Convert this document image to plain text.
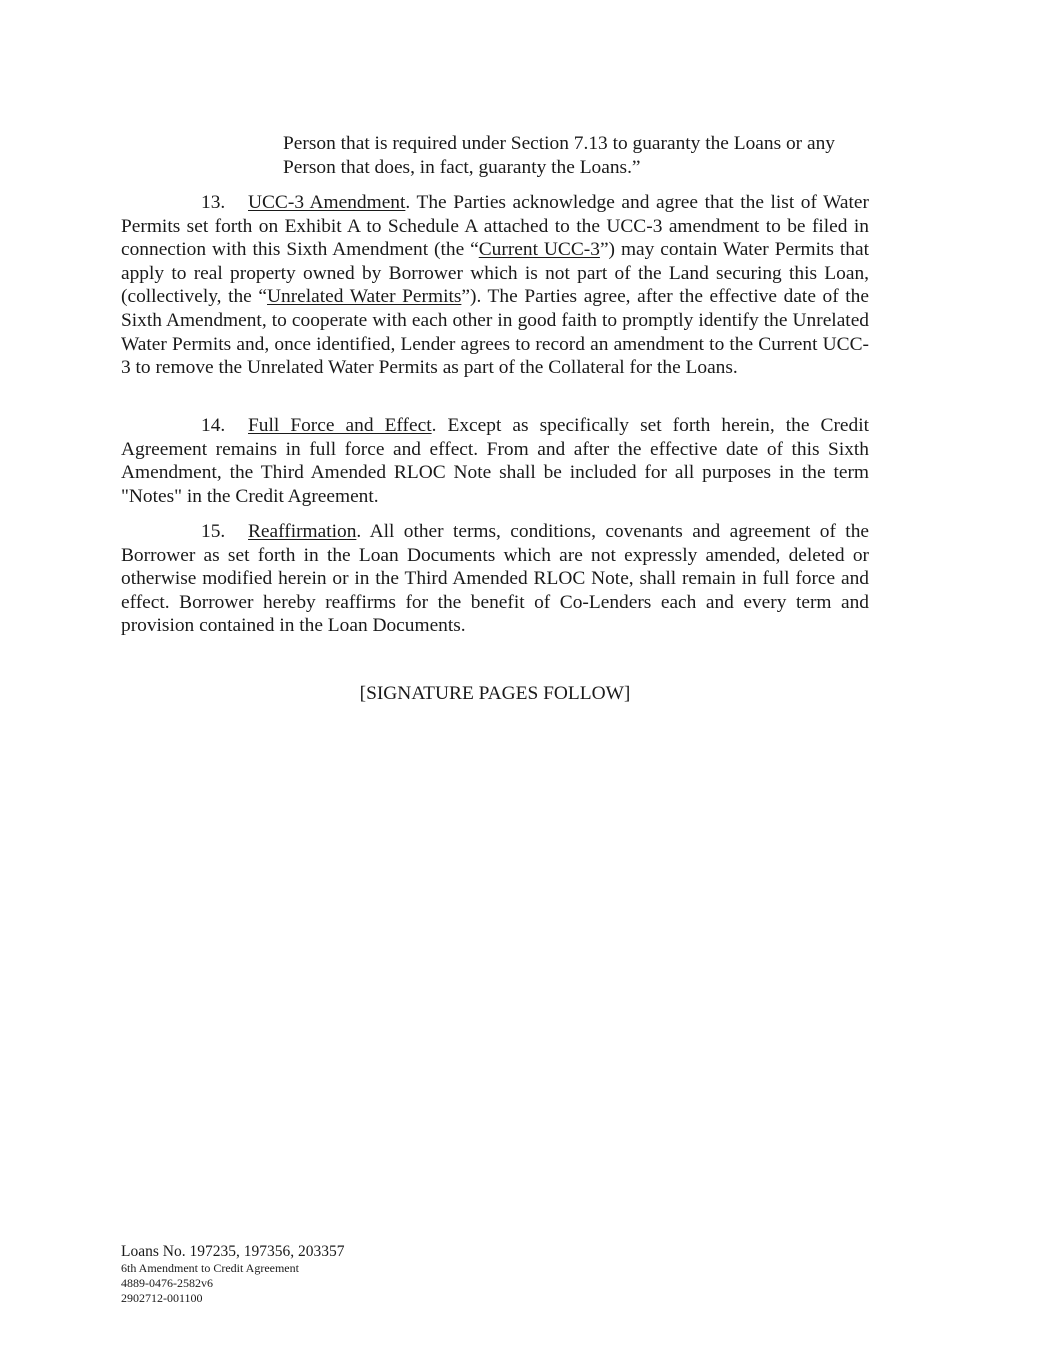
Person that is required under Section 7.13 to guaranty the Loans or any
Person that does, in fact, guaranty the Loans.”

13. UCC-3 Amendment. The Parties acknowledge and agree that the list of Water Permits set forth on Exhibit A to Schedule A attached to the UCC-3 amendment to be filed in connection with this Sixth Amendment (the “Current UCC-3”) may contain Water Permits that apply to real property owned by Borrower which is not part of the Land securing this Loan, (collectively, the “Unrelated Water Permits”). The Parties agree, after the effective date of the Sixth Amendment, to cooperate with each other in good faith to promptly identify the Unrelated Water Permits and, once identified, Lender agrees to record an amendment to the Current UCC-3 to remove the Unrelated Water Permits as part of the Collateral for the Loans.

14. Full Force and Effect. Except as specifically set forth herein, the Credit Agreement remains in full force and effect. From and after the effective date of this Sixth Amendment, the Third Amended RLOC Note shall be included for all purposes in the term "Notes" in the Credit Agreement.

15. Reaffirmation. All other terms, conditions, covenants and agreement of the Borrower as set forth in the Loan Documents which are not expressly amended, deleted or otherwise modified herein or in the Third Amended RLOC Note, shall remain in full force and effect. Borrower hereby reaffirms for the benefit of Co-Lenders each and every term and provision contained in the Loan Documents.

[SIGNATURE PAGES FOLLOW]
Loans No. 197235, 197356, 203357
6th Amendment to Credit Agreement
4889-0476-2582v6
2902712-001100
